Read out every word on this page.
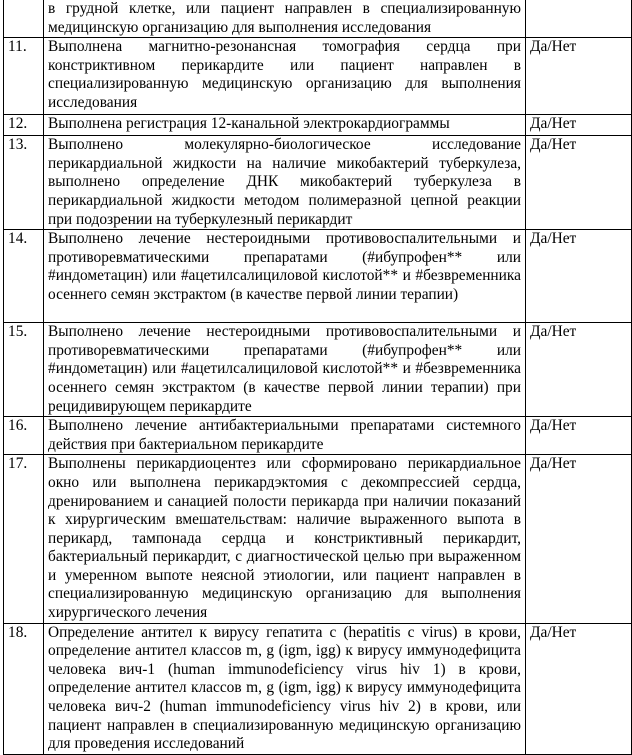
	в грудной клетке, или пациент направлен в специализированную медицинскую организацию для выполнения исследования	
11.	Выполнена магнитно-резонансная томография сердца при констриктивном перикардите или пациент направлен в специализированную медицинскую организацию для выполнения исследования	Да/Нет
12.	Выполнена регистрация 12-канальной электрокардиограммы	Да/Нет
13.	Выполнено молекулярно-биологическое исследование перикардиальной жидкости на наличие микобактерий туберкулеза, выполнено определение ДНК микобактерий туберкулеза в перикардиальной жидкости методом полимеразной цепной реакции при подозрении на туберкулезный перикардит	Да/Нет
14.	Выполнено лечение нестероидными противовоспалительными и противоревматическими препаратами (#ибупрофен** или #индометацин) или #ацетилсалициловой кислотой** и #безвременника осеннего семян экстрактом (в качестве первой линии терапии)	Да/Нет
15.	Выполнено лечение нестероидными противовоспалительными и противоревматическими препаратами (#ибупрофен** или #индометацин) или #ацетилсалициловой кислотой** и #безвременника осеннего семян экстрактом (в качестве первой линии терапии) при рецидивирующем перикардите	Да/Нет
16.	Выполнено лечение антибактериальными препаратами системного действия при бактериальном перикардите	Да/Нет
17.	Выполнены перикардиоцентез или сформировано перикардиальное окно или выполнена перикардэктомия с декомпрессией сердца, дренированием и санацией полости перикарда при наличии показаний к хирургическим вмешательствам: наличие выраженного выпота в перикард, тампонада сердца и констриктивный перикардит, бактериальный перикардит, с диагностической целью при выраженном и умеренном выпоте неясной этиологии, или пациент направлен в специализированную медицинскую организацию для выполнения хирургического лечения	Да/Нет
18.	Определение антител к вирусу гепатита с (hepatitis c virus) в крови, определение антител классов m, g (igm, igg) к вирусу иммунодефицита человека вич-1 (human immunodeficiency virus hiv 1) в крови, определение антител классов m, g (igm, igg) к вирусу иммунодефицита человека вич-2 (human immunodeficiency virus hiv 2) в крови, или пациент направлен в специализированную медицинскую организацию для проведения исследований	Да/Нет
